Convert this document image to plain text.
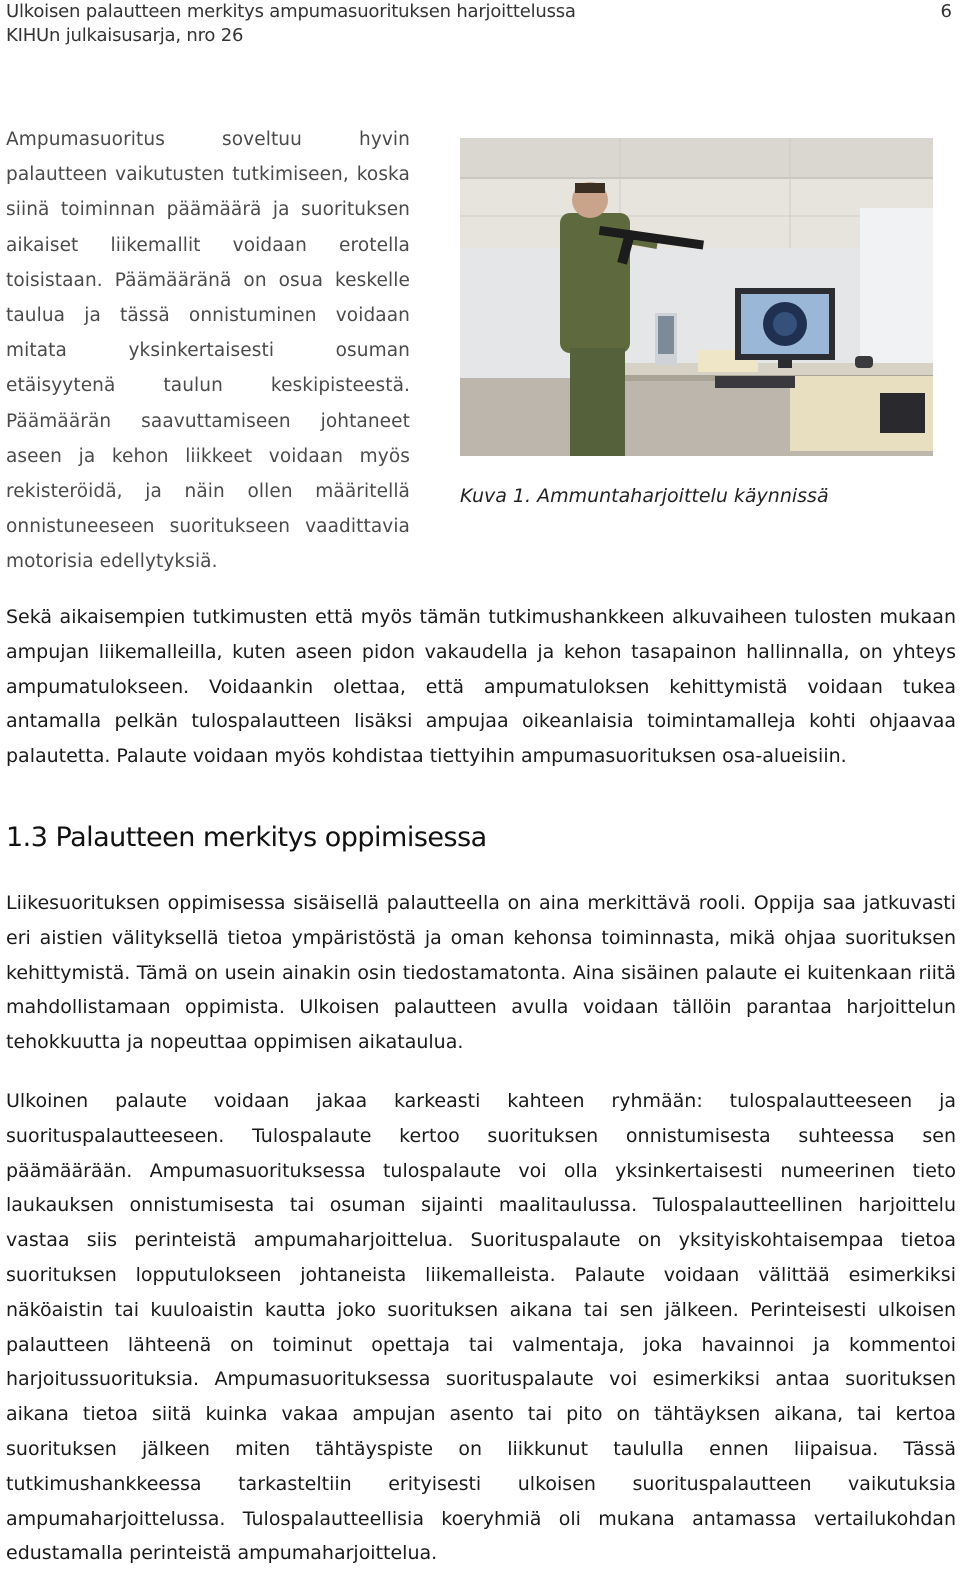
Ulkoisen palautteen merkitys ampumasuorituksen harjoittelussa
KIHUn julkaisusarja, nro 26
6

Ampumasuoritus soveltuu hyvin palautteen vaikutusten tutkimiseen, koska siinä toiminnan päämäärä ja suorituksen aikaiset liikemallit voidaan erotella toisistaan. Päämääränä on osua keskelle taulua ja tässä onnistuminen voidaan mitata yksinkertaisesti osuman etäisyytenä taulun keskipisteestä. Päämäärän saavuttamiseen johtaneet aseen ja kehon liikkeet voidaan myös rekisteröidä, ja näin ollen määritellä onnistuneeseen suoritukseen vaadittavia motorisia edellytyksiä.

Kuva 1. Ammuntaharjoittelu käynnissä

Sekä aikaisempien tutkimusten että myös tämän tutkimushankkeen alkuvaiheen tulosten mukaan ampujan liikemalleilla, kuten aseen pidon vakaudella ja kehon tasapainon hallinnalla, on yhteys ampumatulokseen. Voidaankin olettaa, että ampumatuloksen kehittymistä voidaan tukea antamalla pelkän tulospalautteen lisäksi ampujaa oikeanlaisia toimintamalleja kohti ohjaavaa palautetta. Palaute voidaan myös kohdistaa tiettyihin ampumasuorituksen osa-alueisiin.

1.3 Palautteen merkitys oppimisessa

Liikesuorituksen oppimisessa sisäisellä palautteella on aina merkittävä rooli. Oppija saa jatkuvasti eri aistien välityksellä tietoa ympäristöstä ja oman kehonsa toiminnasta, mikä ohjaa suorituksen kehittymistä. Tämä on usein ainakin osin tiedostamatonta. Aina sisäinen palaute ei kuitenkaan riitä mahdollistamaan oppimista. Ulkoisen palautteen avulla voidaan tällöin parantaa harjoittelun tehokkuutta ja nopeuttaa oppimisen aikataulua.

Ulkoinen palaute voidaan jakaa karkeasti kahteen ryhmään: tulospalautteeseen ja suorituspalautteeseen. Tulospalaute kertoo suorituksen onnistumisesta suhteessa sen päämäärään. Ampumasuorituksessa tulospalaute voi olla yksinkertaisesti numeerinen tieto laukauksen onnistumisesta tai osuman sijainti maalitaulussa. Tulospalautteellinen harjoittelu vastaa siis perinteistä ampumaharjoittelua. Suorituspalaute on yksityiskohtaisempaa tietoa suorituksen lopputulokseen johtaneista liikemalleista. Palaute voidaan välittää esimerkiksi näköaistin tai kuuloaistin kautta joko suorituksen aikana tai sen jälkeen. Perinteisesti ulkoisen palautteen lähteenä on toiminut opettaja tai valmentaja, joka havainnoi ja kommentoi harjoitussuorituksia. Ampumasuorituksessa suorituspalaute voi esimerkiksi antaa suorituksen aikana tietoa siitä kuinka vakaa ampujan asento tai pito on tähtäyksen aikana, tai kertoa suorituksen jälkeen miten tähtäyspiste on liikkunut taululla ennen liipaisua. Tässä tutkimushankkeessa tarkasteltiin erityisesti ulkoisen suorituspalautteen vaikutuksia ampumaharjoittelussa. Tulospalautteellisia koeryhmiä oli mukana antamassa vertailukohdan edustamalla perinteistä ampumaharjoittelua.
